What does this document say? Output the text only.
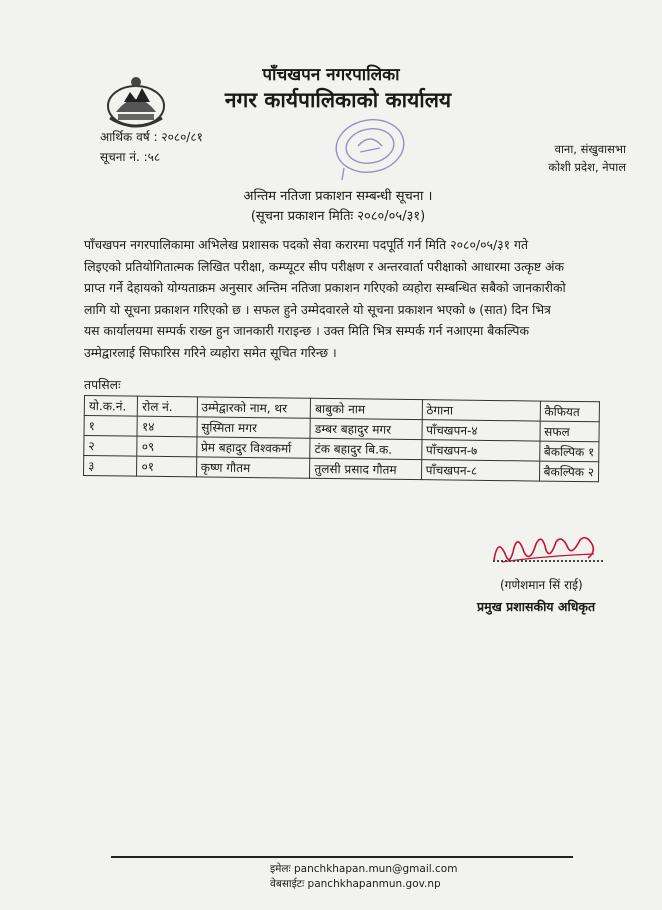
पाँचखपन नगरपालिका
नगर कार्यपालिकाको कार्यालय
आर्थिक वर्ष : २०८०/८१
सूचना नं. :५८
वाना, संखुवासभा
कोशी प्रदेश, नेपाल
अन्तिम नतिजा प्रकाशन सम्बन्धी सूचना ।
(सूचना प्रकाशन मितिः २०८०/०५/३१)
पाँचखपन नगरपालिकामा अभिलेख प्रशासक पदको सेवा करारमा पदपूर्ति गर्न मिति २०८०/०५/३१ गते
लिइएको प्रतियोगितात्मक लिखित परीक्षा, कम्प्यूटर सीप परीक्षण र अन्तरवार्ता परीक्षाको आधारमा उत्कृष्ट अंक
प्राप्त गर्ने देहायको योग्यताक्रम अनुसार अन्तिम नतिजा प्रकाशन गरिएको व्यहोरा सम्बन्धित सबैको जानकारीको
लागि यो सूचना प्रकाशन गरिएको छ । सफल हुने उम्मेदवारले यो सूचना प्रकाशन भएको ७ (सात) दिन भित्र
यस कार्यालयमा सम्पर्क राख्न हुन जानकारी गराइन्छ । उक्त मिति भित्र सम्पर्क गर्न नआएमा बैकल्पिक
उम्मेद्वारलाई सिफारिस गरिने व्यहोरा समेत सूचित गरिन्छ ।
तपसिलः
यो.क.नं.	रोल नं.	उम्मेद्वारको नाम, थर	बाबुको नाम	ठेगाना	कैफियत
१	१४	सुस्मिता मगर	डम्बर बहादुर मगर	पाँचखपन-४	सफल
२	०९	प्रेम बहादुर विश्वकर्मा	टंक बहादुर बि.क.	पाँचखपन-७	बैकल्पिक १
३	०१	कृष्ण गौतम	तुलसी प्रसाद गौतम	पाँचखपन-८	बैकल्पिक २
(गणेशमान सिं राई)
प्रमुख प्रशासकीय अधिकृत
इमेलः panchkhapan.mun@gmail.com
वेबसाईटः panchkhapanmun.gov.np
